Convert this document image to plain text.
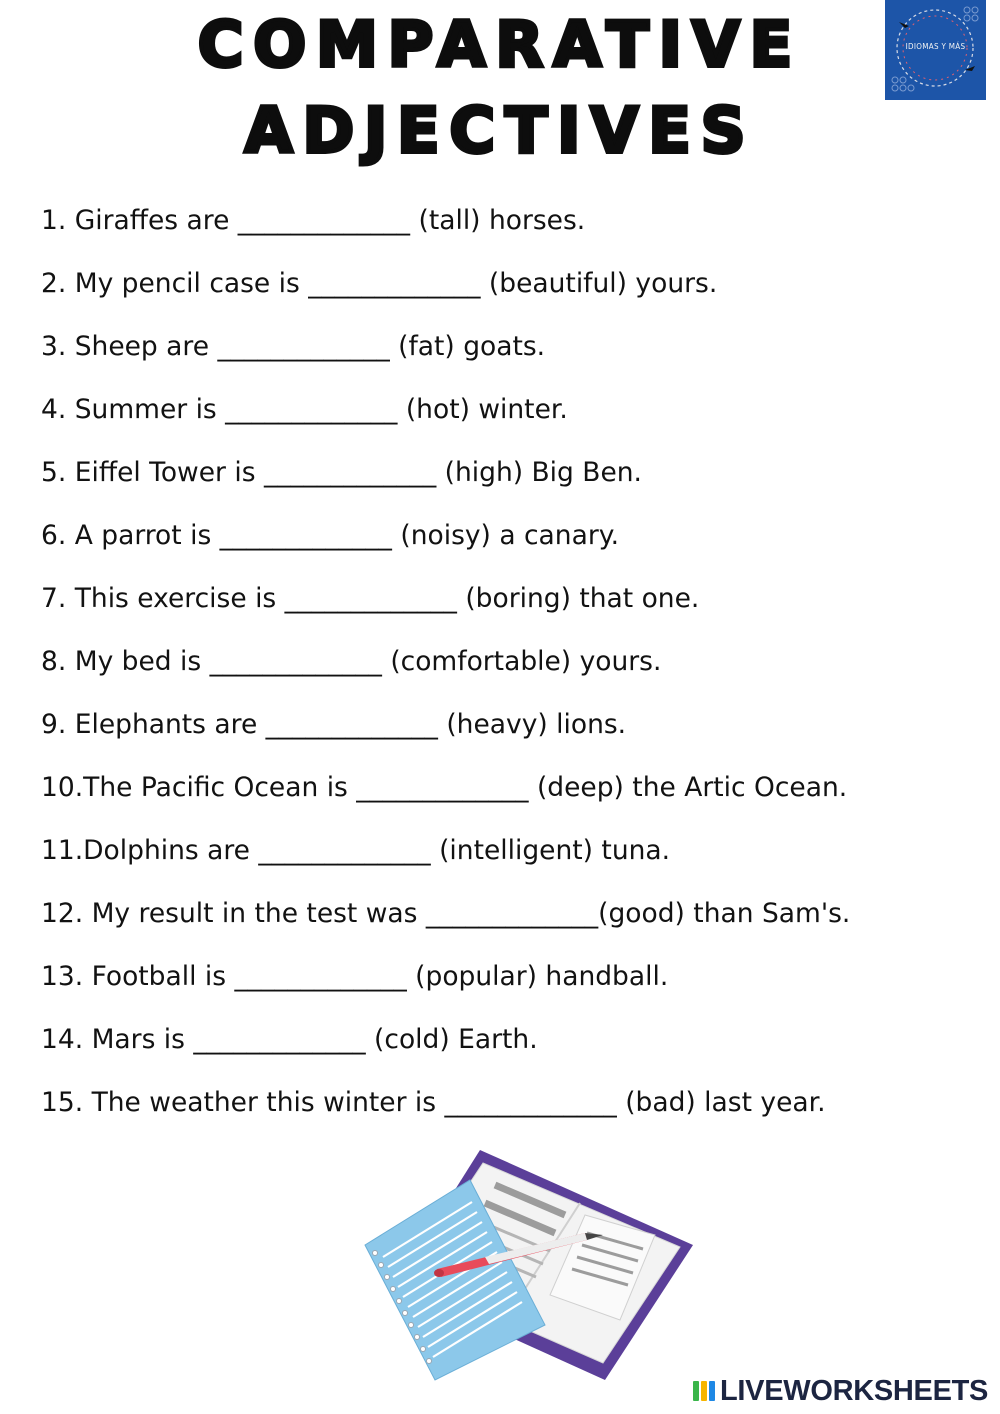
COMPARATIVE
ADJECTIVES
IDIOMAS Y MÁS
1. Giraffes are _____________ (tall) horses.
2. My pencil case is _____________ (beautiful) yours.
3. Sheep are _____________ (fat) goats.
4. Summer is _____________ (hot) winter.
5. Eiffel Tower is _____________ (high) Big Ben.
6. A parrot is _____________ (noisy) a canary.
7. This exercise is _____________ (boring) that one.
8. My bed is _____________ (comfortable) yours.
9. Elephants are _____________ (heavy) lions.
10.The Pacific Ocean is _____________ (deep) the Artic Ocean.
11.Dolphins are _____________ (intelligent) tuna.
12. My result in the test was _____________(good) than Sam's.
13. Football is _____________ (popular) handball.
14. Mars is _____________ (cold) Earth.
15. The weather this winter is _____________ (bad) last year.
LIVEWORKSHEETS
